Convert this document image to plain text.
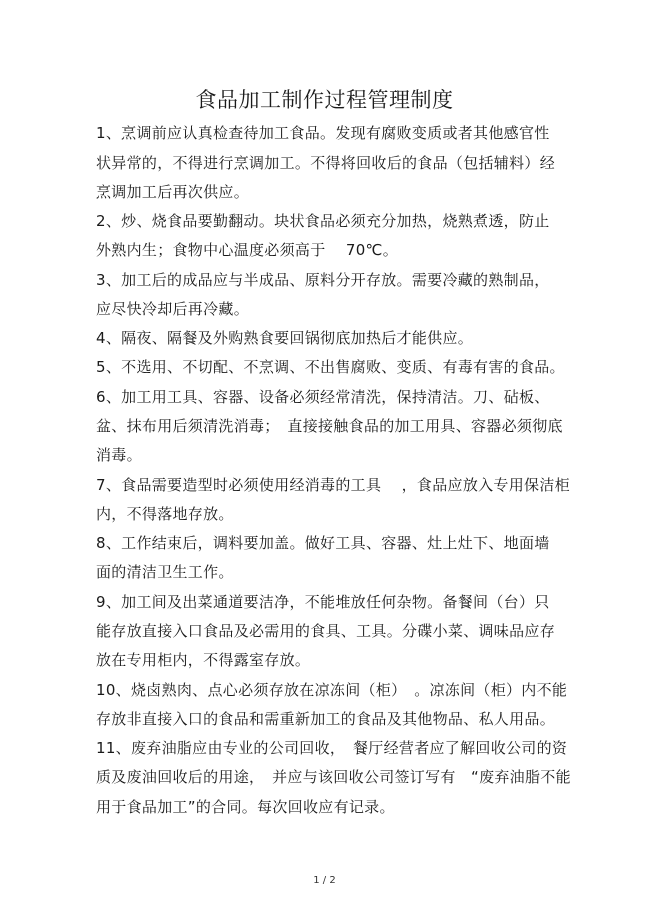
食品加工制作过程管理制度
1、烹调前应认真检查待加工食品。发现有腐败变质或者其他感官性
状异常的，不得进行烹调加工。不得将回收后的食品（包括辅料）经
烹调加工后再次供应。
2、炒、烧食品要勤翻动。块状食品必须充分加热，烧熟煮透，防止
外熟内生；食物中心温度必须高于　 70℃。
3、加工后的成品应与半成品、原料分开存放。需要冷藏的熟制品，
应尽快冷却后再冷藏。
4、隔夜、隔餐及外购熟食要回锅彻底加热后才能供应。
5、不选用、不切配、不烹调、不出售腐败、变质、有毒有害的食品。
6、加工用工具、容器、设备必须经常清洗，保持清洁。刀、砧板、
盆、抹布用后须清洗消毒；　直接接触食品的加工用具、容器必须彻底
消毒。
7、食品需要造型时必须使用经消毒的工具　 ，食品应放入专用保洁柜
内，不得落地存放。
8、工作结束后，调料要加盖。做好工具、容器、灶上灶下、地面墙
面的清洁卫生工作。
9、加工间及出菜通道要洁净，不能堆放任何杂物。备餐间（台）只
能存放直接入口食品及必需用的食具、工具。分碟小菜、调味品应存
放在专用柜内，不得露室存放。
10、烧卤熟肉、点心必须存放在凉冻间（柜）　。凉冻间（柜）内不能
存放非直接入口的食品和需重新加工的食品及其他物品、私人用品。
11、废弃油脂应由专业的公司回收，　餐厅经营者应了解回收公司的资
质及废油回收后的用途，　并应与该回收公司签订写有　“废弃油脂不能
用于食品加工”的合同。每次回收应有记录。
1 / 2
